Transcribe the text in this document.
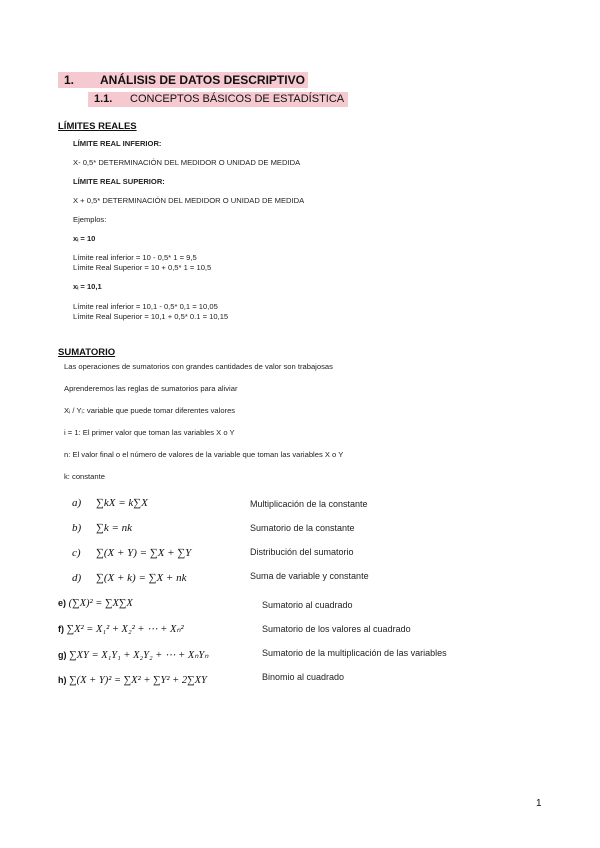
1. ANÁLISIS DE DATOS DESCRIPTIVO
1.1. CONCEPTOS BÁSICOS DE ESTADÍSTICA
LÍMITES REALES
LÍMITE REAL INFERIOR:
X- 0,5* DETERMINACIÓN DEL MEDIDOR O UNIDAD DE MEDIDA
LÍMITE REAL SUPERIOR:
X + 0,5* DETERMINACIÓN DEL MEDIDOR O UNIDAD DE MEDIDA
Ejemplos:
xᵢ = 10
Límite real inferior = 10 - 0,5* 1 = 9,5
Límite Real Superior = 10 + 0,5* 1 = 10,5
xᵢ = 10,1
Límite real inferior = 10,1 - 0,5* 0,1 = 10,05
Límite Real Superior = 10,1 + 0,5* 0.1 = 10,15
SUMATORIO
Las operaciones de sumatorios con grandes cantidades de valor son trabajosas
Aprenderemos las reglas de sumatorios para aliviar
Xᵢ / Yᵢ: variable que puede tomar diferentes valores
i = 1: El primer valor que toman las variables X o Y
n: El valor final o el número de valores de la variable que toman las variables X o Y
k: constante
a) ∑kX = k∑X	Multiplicación de la constante
b) ∑k = nk	Sumatorio de la constante
c) ∑(X + Y) = ∑X + ∑Y	Distribución del sumatorio
d) ∑(X + k) = ∑X + nk	Suma de variable y constante
e) (∑X)² = ∑X∑X	Sumatorio al cuadrado
f) ∑X² = X₁² + X₂² + ⋯ + Xₙ²	Sumatorio de los valores al cuadrado
g) ∑XY = X₁Y₁ + X₂Y₂ + ⋯ + XₙYₙ	Sumatorio de la multiplicación de las variables
h) ∑(X + Y)² = ∑X² + ∑Y² + 2∑XY	Binomio al cuadrado
1
